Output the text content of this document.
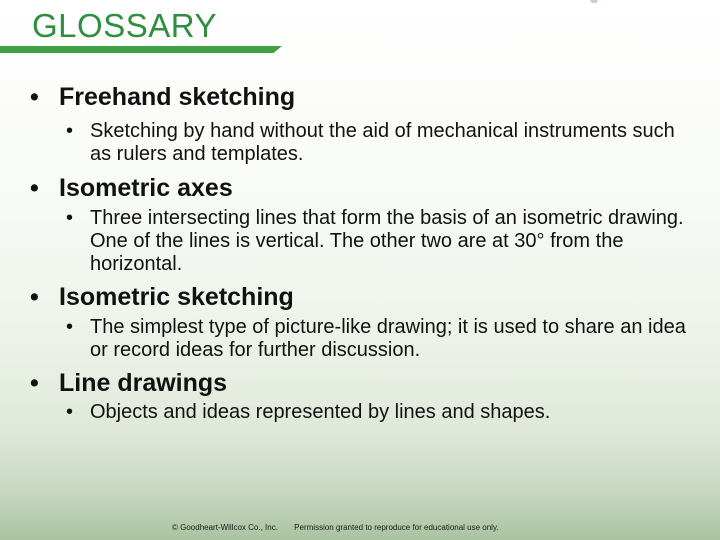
GLOSSARY

• Freehand sketching

• Sketching by hand without the aid of mechanical instruments such as rulers and templates.

• Isometric axes

• Three intersecting lines that form the basis of an isometric drawing. One of the lines is vertical. The other two are at 30° from the horizontal.

• Isometric sketching

• The simplest type of picture-like drawing; it is used to share an idea or record ideas for further discussion.

• Line drawings

• Objects and ideas represented by lines and shapes.

© Goodheart-Willcox Co., Inc. Permission granted to reproduce for educational use only.
